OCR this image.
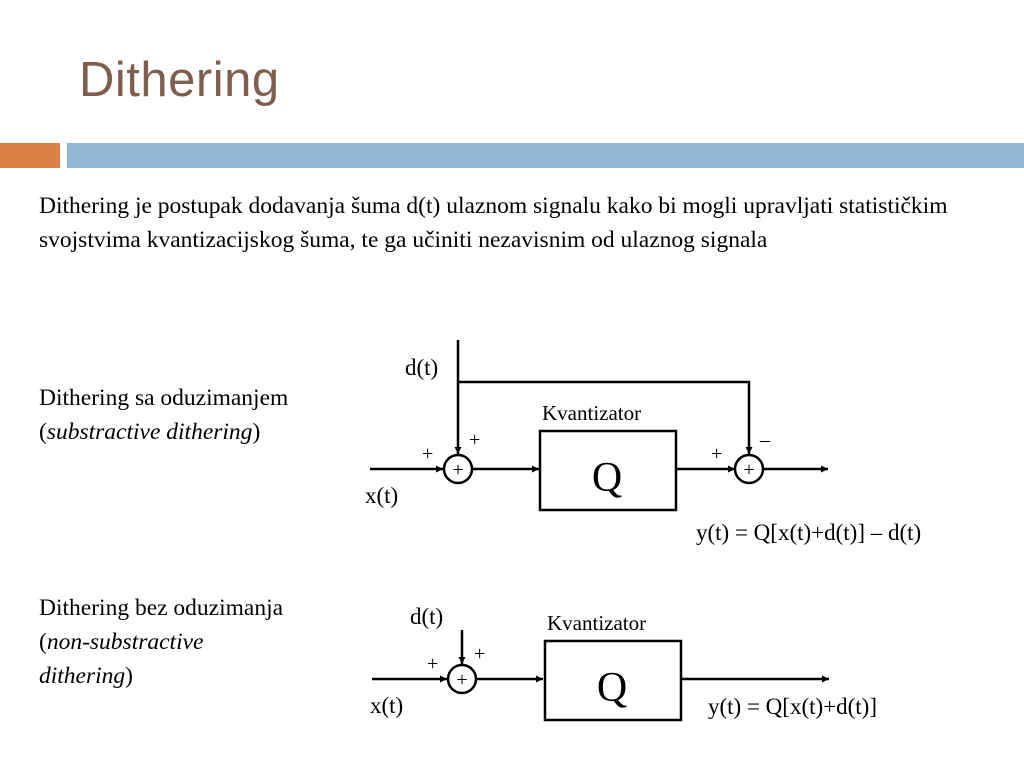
Dithering

Dithering je postupak dodavanja šuma d(t) ulaznom signalu kako bi mogli upravljati statističkim svojstvima kvantizacijskog šuma, te ga učiniti nezavisnim od ulaznog signala

Dithering sa oduzimanjem
(substractive dithering)
Dithering bez oduzimanja
(non-substractive
dithering)
d(t)
x(t)
+
+
+
Kvantizator
Q	+
+
–
y(t) = Q[x(t)+d(t)] – d(t)
d(t)
x(t)
+
+ +
Kvantizator
Q	y(t) = Q[x(t)+d(t)]
